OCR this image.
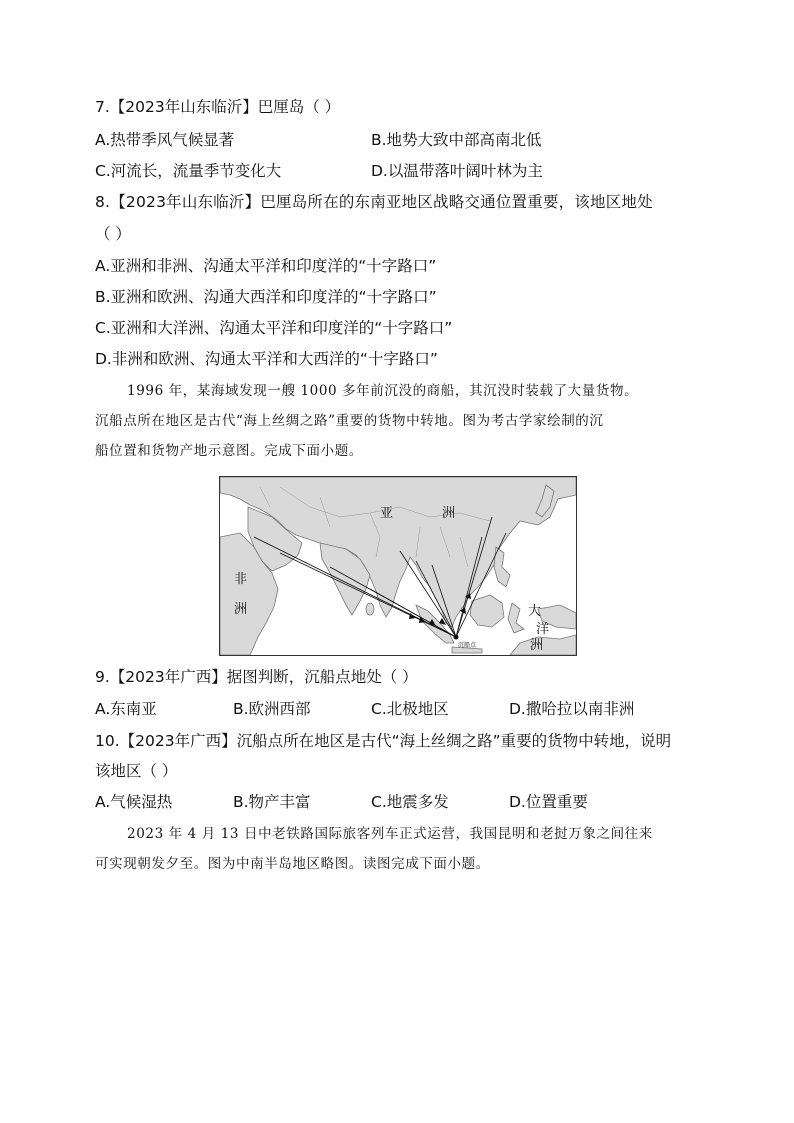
7.【2023年山东临沂】巴厘岛（ ）
A.热带季风气候显著	B.地势大致中部高南北低
C.河流长，流量季节变化大	D.以温带落叶阔叶林为主
8.【2023年山东临沂】巴厘岛所在的东南亚地区战略交通位置重要，该地区地处
（ ）
A.亚洲和非洲、沟通太平洋和印度洋的“十字路口”
B.亚洲和欧洲、沟通大西洋和印度洋的“十字路口”
C.亚洲和大洋洲、沟通太平洋和印度洋的“十字路口”
D.非洲和欧洲、沟通太平洋和大西洋的“十字路口”

1996 年，某海域发现一艘 1000 多年前沉没的商船，其沉没时装载了大量货物。

沉船点所在地区是古代“海上丝绸之路”重要的货物中转地。图为考古学家绘制的沉

船位置和货物产地示意图。完成下面小题。

沉船点
亚	洲
非
洲	大
洋
洲
9.【2023年广西】据图判断，沉船点地处（ ）
A.东南亚	B.欧洲西部	C.北极地区	D.撒哈拉以南非洲
10.【2023年广西】沉船点所在地区是古代“海上丝绸之路”重要的货物中转地，说明
该地区（ ）
A.气候湿热	B.物产丰富	C.地震多发	D.位置重要

2023 年 4 月 13 日中老铁路国际旅客列车正式运营，我国昆明和老挝万象之间往来

可实现朝发夕至。图为中南半岛地区略图。读图完成下面小题。
